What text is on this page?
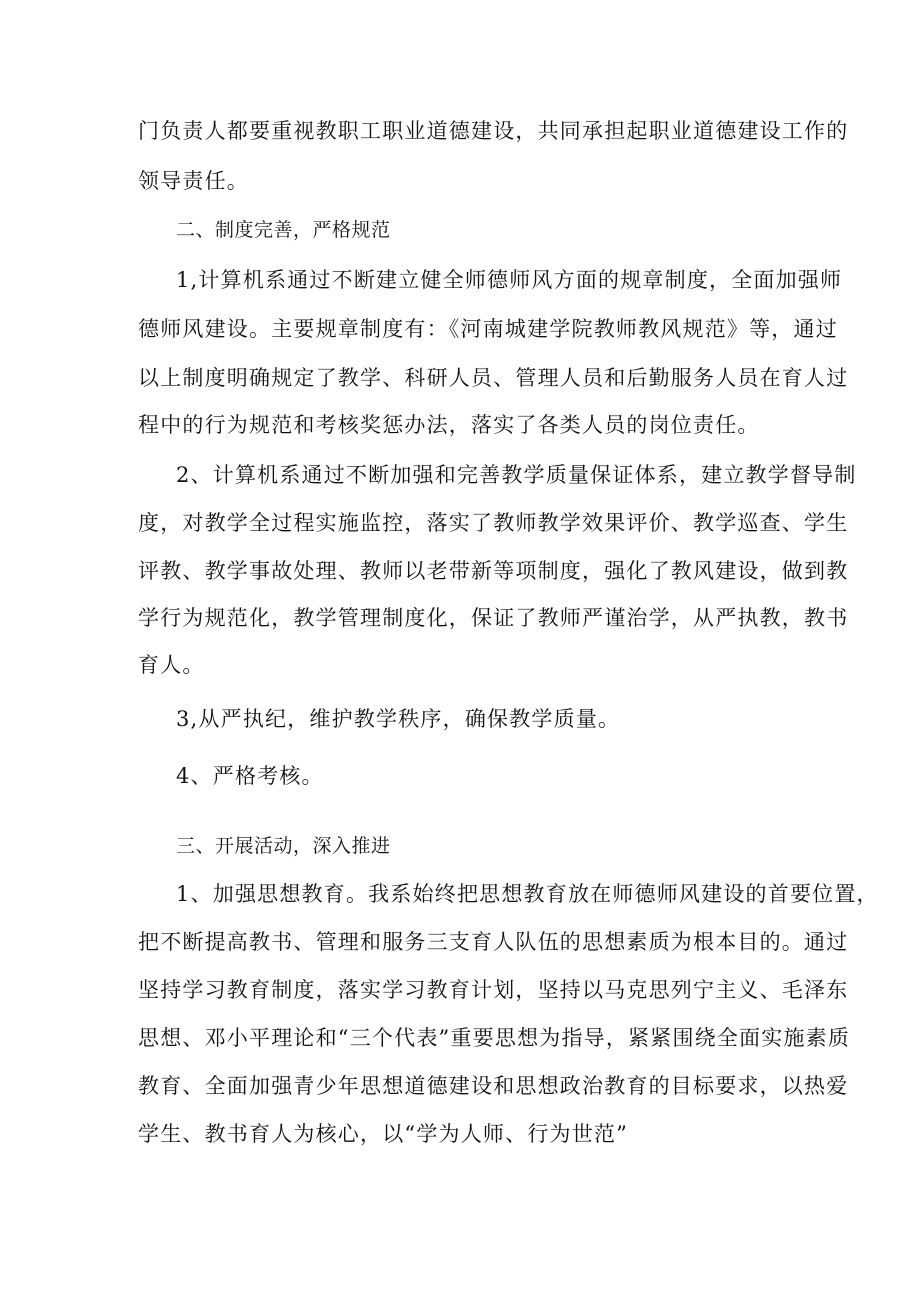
门负责人都要重视教职工职业道德建设，共同承担起职业道德建设工作的
领导责任。
二、制度完善，严格规范
1,计算机系通过不断建立健全师德师风方面的规章制度，全面加强师
德师风建设。主要规章制度有：《河南城建学院教师教风规范》等，通过
以上制度明确规定了教学、科研人员、管理人员和后勤服务人员在育人过
程中的行为规范和考核奖惩办法，落实了各类人员的岗位责任。
2、计算机系通过不断加强和完善教学质量保证体系，建立教学督导制
度，对教学全过程实施监控，落实了教师教学效果评价、教学巡查、学生
评教、教学事故处理、教师以老带新等项制度，强化了教风建设，做到教
学行为规范化，教学管理制度化，保证了教师严谨治学，从严执教，教书
育人。
3,从严执纪，维护教学秩序，确保教学质量。
4、严格考核。
三、开展活动，深入推进
1、加强思想教育。我系始终把思想教育放在师德师风建设的首要位置，
把不断提高教书、管理和服务三支育人队伍的思想素质为根本目的。通过
坚持学习教育制度，落实学习教育计划，坚持以马克思列宁主义、毛泽东
思想、邓小平理论和“三个代表”重要思想为指导，紧紧围绕全面实施素质
教育、全面加强青少年思想道德建设和思想政治教育的目标要求，以热爱
学生、教书育人为核心，以“学为人师、行为世范”
